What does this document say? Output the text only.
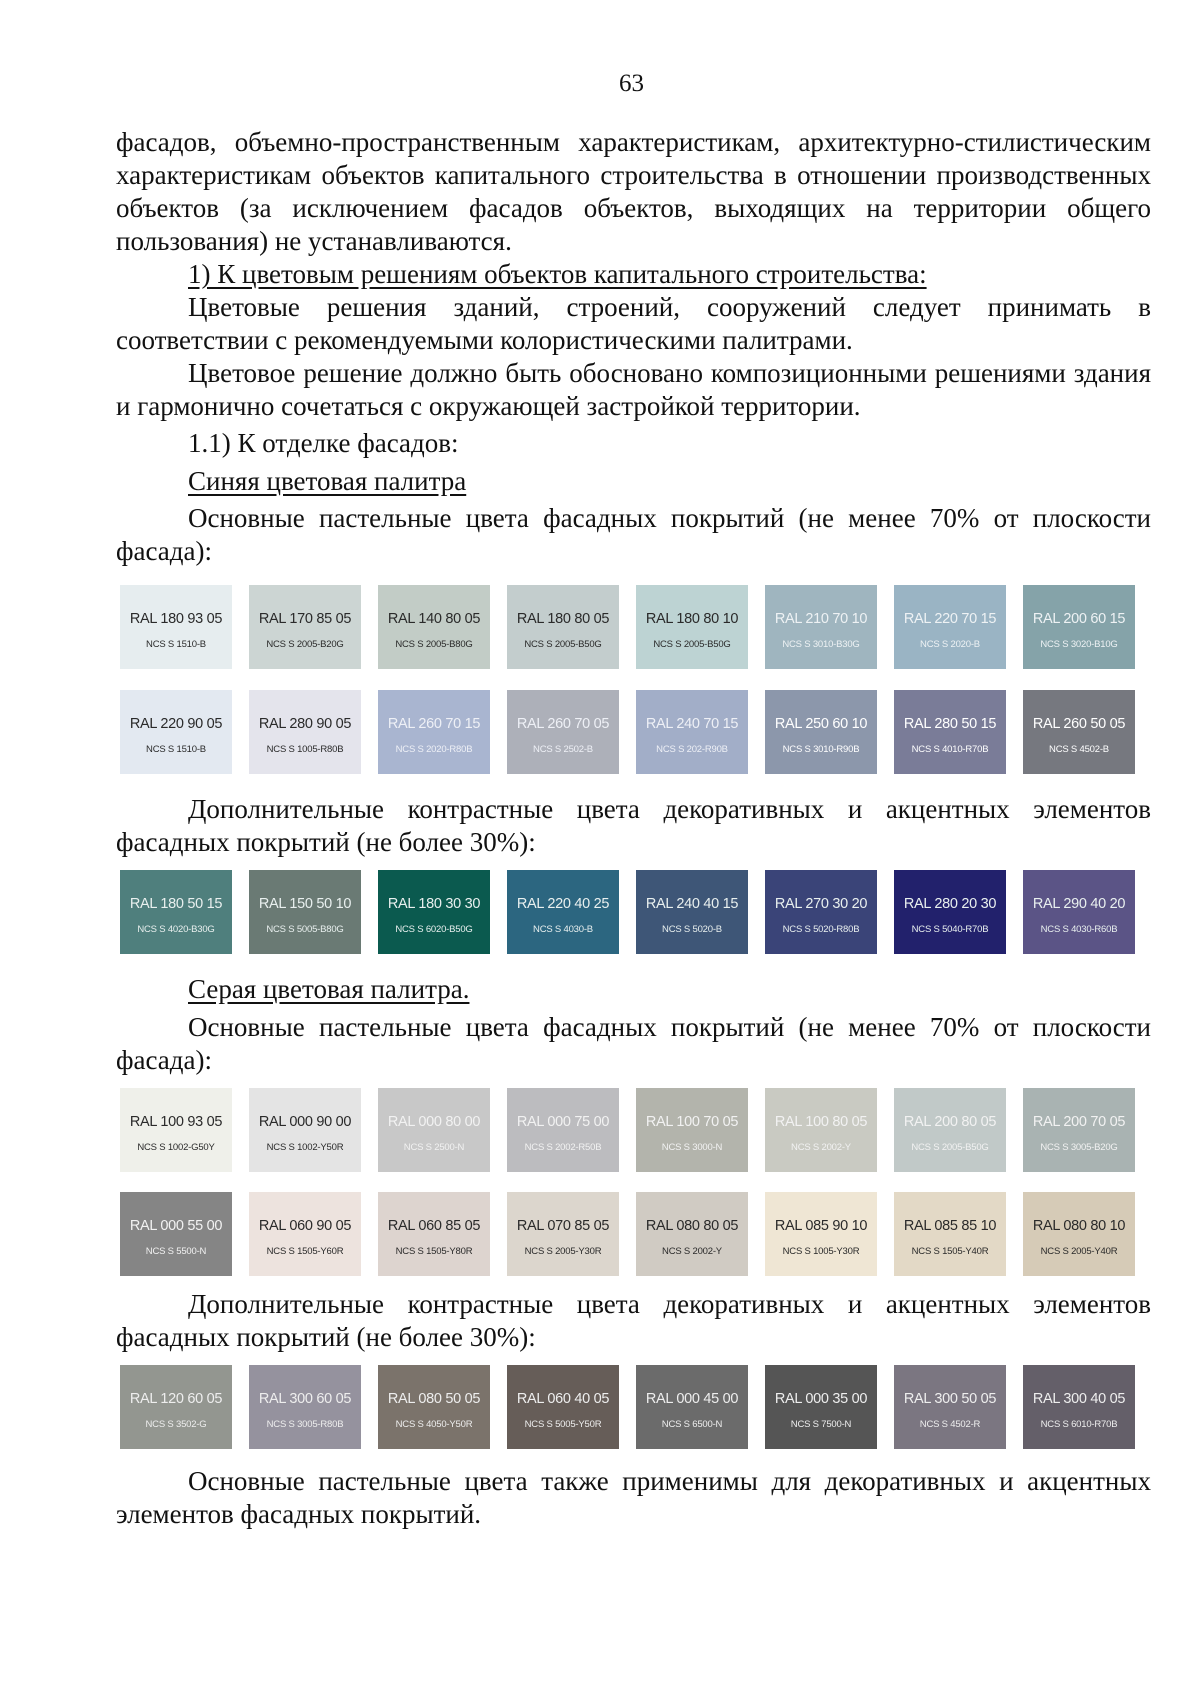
63
фасадов, объемно-пространственным характеристикам, архитектурно-стилистическим характеристикам объектов капитального строительства в отношении производственных объектов (за исключением фасадов объектов, выходящих на территории общего пользования) не устанавливаются.
1) К цветовым решениям объектов капитального строительства:
Цветовые решения зданий, строений, сооружений следует принимать в соответствии с рекомендуемыми колористическими палитрами.
Цветовое решение должно быть обосновано композиционными решениями здания и гармонично сочетаться с окружающей застройкой территории.
1.1) К отделке фасадов:
Синяя цветовая палитра
Основные пастельные цвета фасадных покрытий (не менее 70% от плоскости фасада):
RAL 180 93 05
NCS S 1510-B
RAL 170 85 05
NCS S 2005-B20G
RAL 140 80 05
NCS S 2005-B80G
RAL 180 80 05
NCS S 2005-B50G
RAL 180 80 10
NCS S 2005-B50G
RAL 210 70 10
NCS S 3010-B30G
RAL 220 70 15
NCS S 2020-B
RAL 200 60 15
NCS S 3020-B10G
RAL 220 90 05
NCS S 1510-B
RAL 280 90 05
NCS S 1005-R80B
RAL 260 70 15
NCS S 2020-R80B
RAL 260 70 05
NCS S 2502-B
RAL 240 70 15
NCS S 202-R90B
RAL 250 60 10
NCS S 3010-R90B
RAL 280 50 15
NCS S 4010-R70B
RAL 260 50 05
NCS S 4502-B
Дополнительные контрастные цвета декоративных и акцентных элементов фасадных покрытий (не более 30%):
RAL 180 50 15
NCS S 4020-B30G
RAL 150 50 10
NCS S 5005-B80G
RAL 180 30 30
NCS S 6020-B50G
RAL 220 40 25
NCS S 4030-B
RAL 240 40 15
NCS S 5020-B
RAL 270 30 20
NCS S 5020-R80B
RAL 280 20 30
NCS S 5040-R70B
RAL 290 40 20
NCS S 4030-R60B
Серая цветовая палитра.
Основные пастельные цвета фасадных покрытий (не менее 70% от плоскости фасада):
RAL 100 93 05
NCS S 1002-G50Y
RAL 000 90 00
NCS S 1002-Y50R
RAL 000 80 00
NCS S 2500-N
RAL 000 75 00
NCS S 2002-R50B
RAL 100 70 05
NCS S 3000-N
RAL 100 80 05
NCS S 2002-Y
RAL 200 80 05
NCS S 2005-B50G
RAL 200 70 05
NCS S 3005-B20G
RAL 000 55 00
NCS S 5500-N
RAL 060 90 05
NCS S 1505-Y60R
RAL 060 85 05
NCS S 1505-Y80R
RAL 070 85 05
NCS S 2005-Y30R
RAL 080 80 05
NCS S 2002-Y
RAL 085 90 10
NCS S 1005-Y30R
RAL 085 85 10
NCS S 1505-Y40R
RAL 080 80 10
NCS S 2005-Y40R
Дополнительные контрастные цвета декоративных и акцентных элементов фасадных покрытий (не более 30%):
RAL 120 60 05
NCS S 3502-G
RAL 300 60 05
NCS S 3005-R80B
RAL 080 50 05
NCS S 4050-Y50R
RAL 060 40 05
NCS S 5005-Y50R
RAL 000 45 00
NCS S 6500-N
RAL 000 35 00
NCS S 7500-N
RAL 300 50 05
NCS S 4502-R
RAL 300 40 05
NCS S 6010-R70B
Основные пастельные цвета также применимы для декоративных и акцентных элементов фасадных покрытий.
